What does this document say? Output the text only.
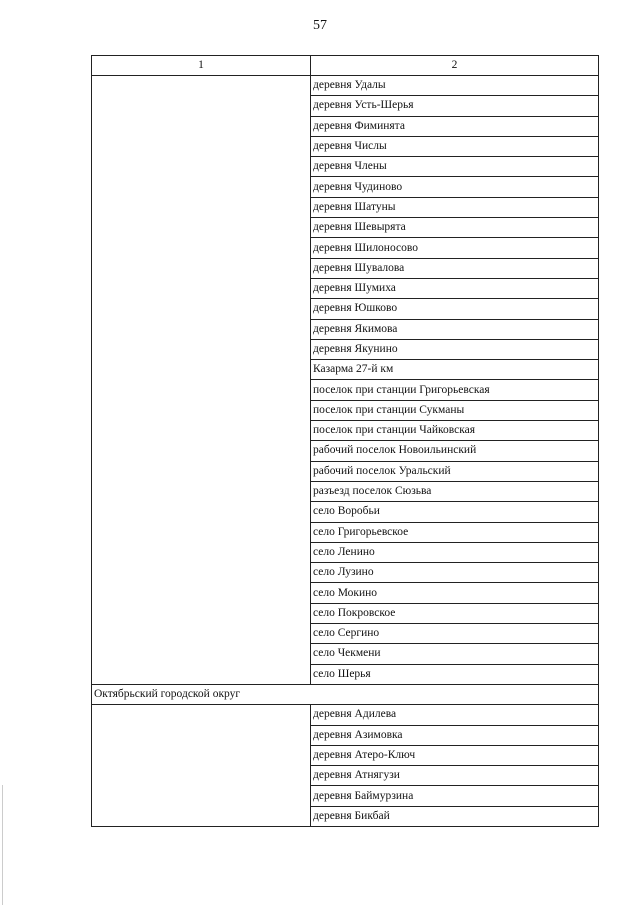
57
1	2
	деревня Удалы
	деревня Усть-Шерья
	деревня Фиминята
	деревня Числы
	деревня Члены
	деревня Чудиново
	деревня Шатуны
	деревня Шевырята
	деревня Шилоносово
	деревня Шувалова
	деревня Шумиха
	деревня Юшково
	деревня Якимова
	деревня Якунино
	Казарма 27-й км
	поселок при станции Григорьевская
	поселок при станции Сукманы
	поселок при станции Чайковская
	рабочий поселок Новоильинский
	рабочий поселок Уральский
	разъезд поселок Сюзьва
	село Воробьи
	село Григорьевское
	село Ленино
	село Лузино
	село Мокино
	село Покровское
	село Сергино
	село Чекмени
	село Шерья
Октябрьский городской округ	
	деревня Адилева
	деревня Азимовка
	деревня Атеро-Ключ
	деревня Атнягузи
	деревня Баймурзина
	деревня Бикбай
